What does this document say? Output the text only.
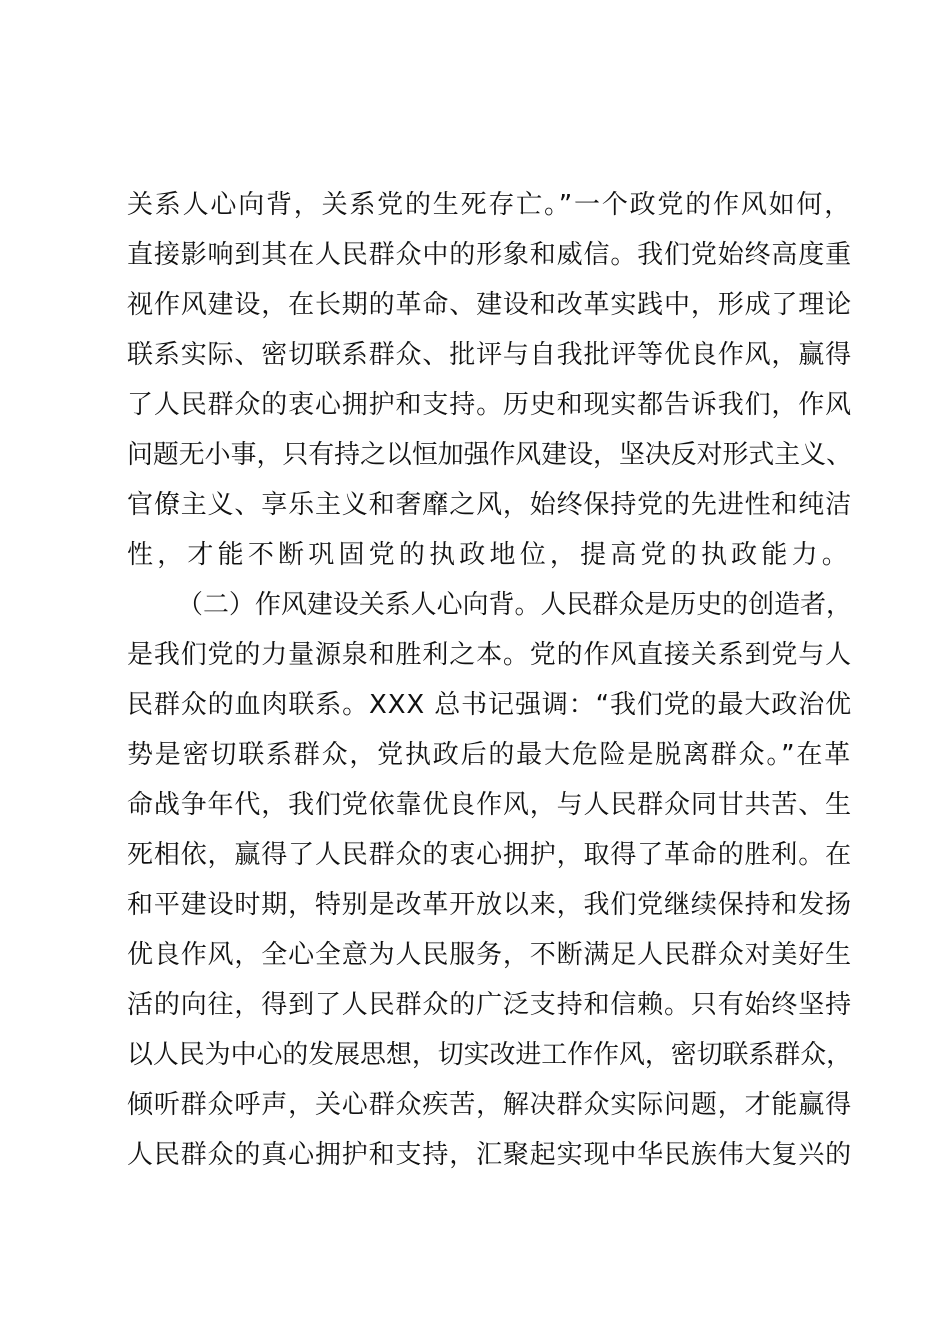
关系人心向背，关系党的生死存亡。”一个政党的作风如何，
直接影响到其在人民群众中的形象和威信。我们党始终高度重
视作风建设，在长期的革命、建设和改革实践中，形成了理论
联系实际、密切联系群众、批评与自我批评等优良作风，赢得
了人民群众的衷心拥护和支持。历史和现实都告诉我们，作风
问题无小事，只有持之以恒加强作风建设，坚决反对形式主义、
官僚主义、享乐主义和奢靡之风，始终保持党的先进性和纯洁
性，才能不断巩固党的执政地位，提高党的执政能力。
（二）作风建设关系人心向背。人民群众是历史的创造者，
是我们党的力量源泉和胜利之本。党的作风直接关系到党与人
民群众的血肉联系。XXX 总书记强调：“我们党的最大政治优
势是密切联系群众，党执政后的最大危险是脱离群众。”在革
命战争年代，我们党依靠优良作风，与人民群众同甘共苦、生
死相依，赢得了人民群众的衷心拥护，取得了革命的胜利。在
和平建设时期，特别是改革开放以来，我们党继续保持和发扬
优良作风，全心全意为人民服务，不断满足人民群众对美好生
活的向往，得到了人民群众的广泛支持和信赖。只有始终坚持
以人民为中心的发展思想，切实改进工作作风，密切联系群众，
倾听群众呼声，关心群众疾苦，解决群众实际问题，才能赢得
人民群众的真心拥护和支持，汇聚起实现中华民族伟大复兴的
